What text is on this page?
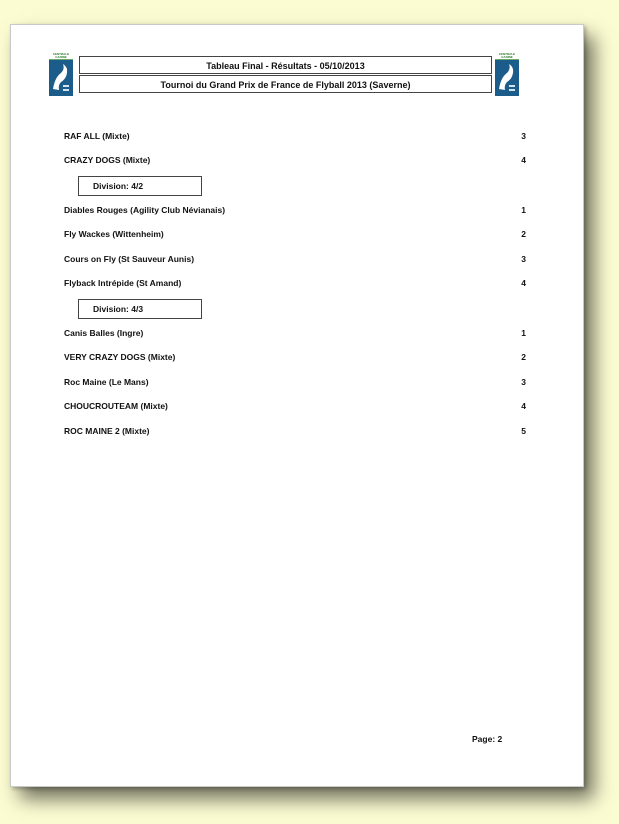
CENTRALE
CANINE
CENTRALE
CANINE
Tableau Final - Résultats - 05/10/2013
Tournoi du Grand Prix de France de Flyball 2013 (Saverne)
RAF ALL (Mixte)	3
CRAZY DOGS (Mixte)	4
Division: 4/2
Diables Rouges (Agility Club Névianais)	1
Fly Wackes (Wittenheim)	2
Cours on Fly (St Sauveur Aunis)	3
Flyback Intrépide (St Amand)	4
Division: 4/3
Canis Balles (Ingre)	1
VERY CRAZY DOGS (Mixte)	2
Roc Maine (Le Mans)	3
CHOUCROUTEAM (Mixte)	4
ROC MAINE 2 (Mixte)	5
Page: 2
